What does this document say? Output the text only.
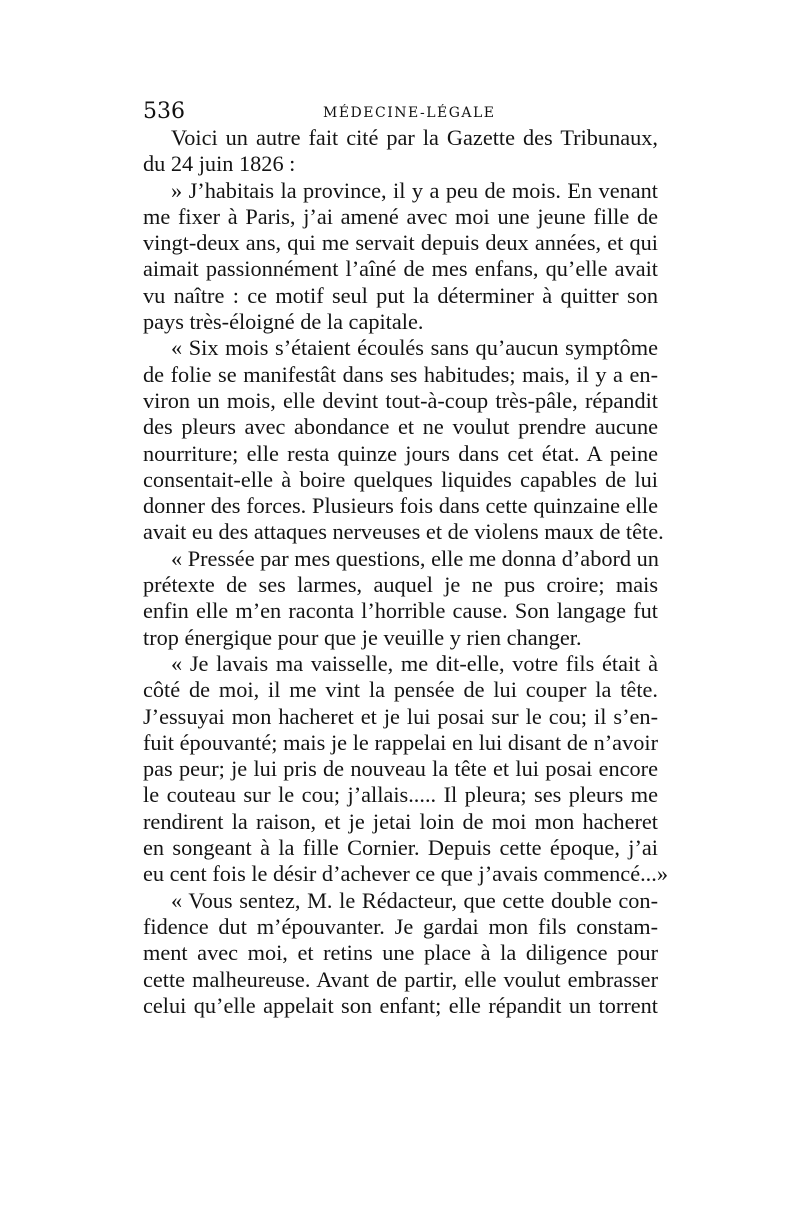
536	MÉDECINE-LÉGALE
Voici un autre fait cité par la Gazette des Tribunaux,
du 24 juin 1826 :
» J’habitais la province, il y a peu de mois. En venant
me fixer à Paris, j’ai amené avec moi une jeune fille de
vingt-deux ans, qui me servait depuis deux années, et qui
aimait passionnément l’aîné de mes enfans, qu’elle avait
vu naître : ce motif seul put la déterminer à quitter son
pays très-éloigné de la capitale.
« Six mois s’étaient écoulés sans qu’aucun symptôme
de folie se manifestât dans ses habitudes; mais, il y a en-
viron un mois, elle devint tout-à-coup très-pâle, répandit
des pleurs avec abondance et ne voulut prendre aucune
nourriture; elle resta quinze jours dans cet état. A peine
consentait-elle à boire quelques liquides capables de lui
donner des forces. Plusieurs fois dans cette quinzaine elle
avait eu des attaques nerveuses et de violens maux de tête.
« Pressée par mes questions, elle me donna d’abord un
prétexte de ses larmes, auquel je ne pus croire; mais
enfin elle m’en raconta l’horrible cause. Son langage fut
trop énergique pour que je veuille y rien changer.
« Je lavais ma vaisselle, me dit-elle, votre fils était à
côté de moi, il me vint la pensée de lui couper la tête.
J’essuyai mon hacheret et je lui posai sur le cou; il s’en-
fuit épouvanté; mais je le rappelai en lui disant de n’avoir
pas peur; je lui pris de nouveau la tête et lui posai encore
le couteau sur le cou; j’allais..... Il pleura; ses pleurs me
rendirent la raison, et je jetai loin de moi mon hacheret
en songeant à la fille Cornier. Depuis cette époque, j’ai
eu cent fois le désir d’achever ce que j’avais commencé...»
« Vous sentez, M. le Rédacteur, que cette double con-
fidence dut m’épouvanter. Je gardai mon fils constam-
ment avec moi, et retins une place à la diligence pour
cette malheureuse. Avant de partir, elle voulut embrasser
celui qu’elle appelait son enfant; elle répandit un torrent
